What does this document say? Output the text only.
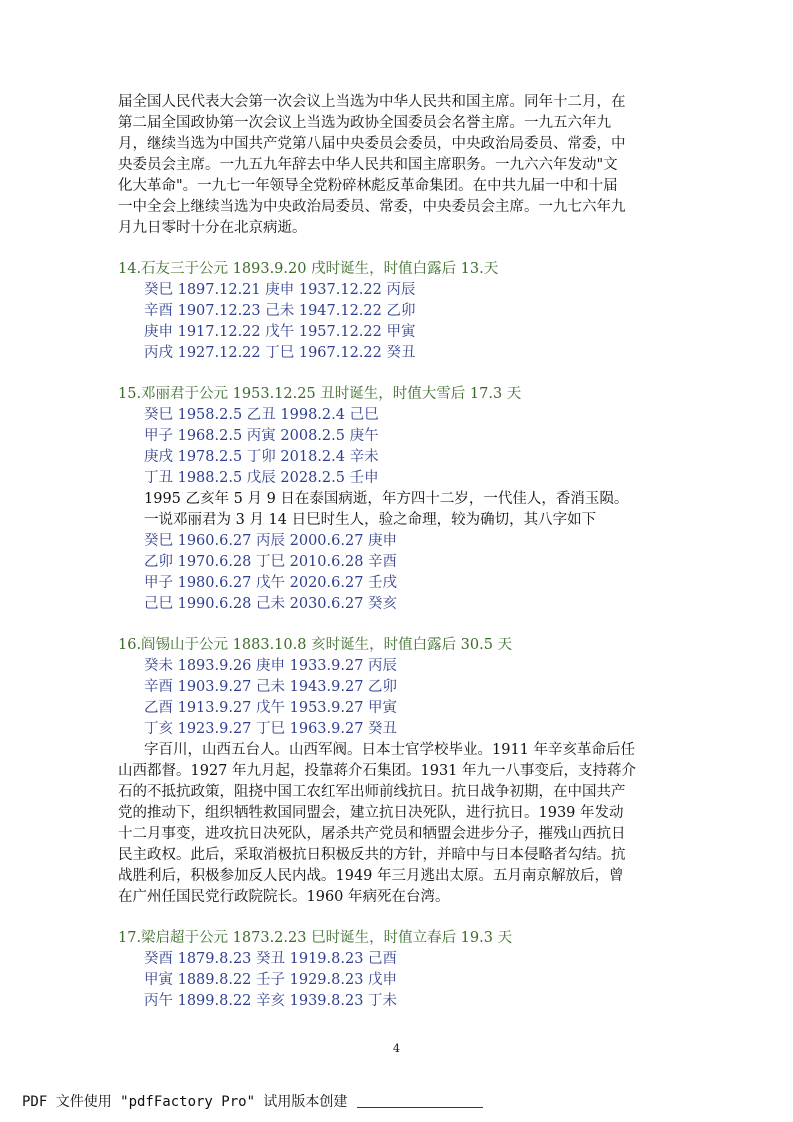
届全国人民代表大会第一次会议上当选为中华人民共和国主席。同年十二月，在
第二届全国政协第一次会议上当选为政协全国委员会名誉主席。一九五六年九
月，继续当选为中国共产党第八届中央委员会委员，中央政治局委员、常委，中
央委员会主席。一九五九年辞去中华人民共和国主席职务。一九六六年发动"文
化大革命"。一九七一年领导全党粉碎林彪反革命集团。在中共九届一中和十届
一中全会上继续当选为中央政治局委员、常委，中央委员会主席。一九七六年九
月九日零时十分在北京病逝。
14.石友三于公元 1893.9.20 戌时诞生，时值白露后 13.天
癸巳 1897.12.21 庚申 1937.12.22 丙辰
辛酉 1907.12.23 己未 1947.12.22 乙卯
庚申 1917.12.22 戊午 1957.12.22 甲寅
丙戌 1927.12.22 丁巳 1967.12.22 癸丑
15.邓丽君于公元 1953.12.25 丑时诞生，时值大雪后 17.3 天
癸巳 1958.2.5 乙丑 1998.2.4 己巳
甲子 1968.2.5 丙寅 2008.2.5 庚午
庚戌 1978.2.5 丁卯 2018.2.4 辛未
丁丑 1988.2.5 戊辰 2028.2.5 壬申
1995 乙亥年 5 月 9 日在泰国病逝，年方四十二岁，一代佳人，香消玉陨。
一说邓丽君为 3 月 14 日巳时生人，验之命理，较为确切，其八字如下
癸巳 1960.6.27 丙辰 2000.6.27 庚申
乙卯 1970.6.28 丁巳 2010.6.28 辛酉
甲子 1980.6.27 戊午 2020.6.27 壬戌
己巳 1990.6.28 己未 2030.6.27 癸亥
16.阎锡山于公元 1883.10.8 亥时诞生，时值白露后 30.5 天
癸未 1893.9.26 庚申 1933.9.27 丙辰
辛酉 1903.9.27 己未 1943.9.27 乙卯
乙酉 1913.9.27 戊午 1953.9.27 甲寅
丁亥 1923.9.27 丁巳 1963.9.27 癸丑
字百川，山西五台人。山西军阀。日本士官学校毕业。1911 年辛亥革命后任
山西都督。1927 年九月起，投靠蒋介石集团。1931 年九一八事变后，支持蒋介
石的不抵抗政策，阻挠中国工农红军出师前线抗日。抗日战争初期，在中国共产
党的推动下，组织牺牲救国同盟会，建立抗日决死队，进行抗日。1939 年发动
十二月事变，进攻抗日决死队，屠杀共产党员和牺盟会进步分子，摧残山西抗日
民主政权。此后，采取消极抗日积极反共的方针，并暗中与日本侵略者勾结。抗
战胜利后，积极参加反人民内战。1949 年三月逃出太原。五月南京解放后，曾
在广州任国民党行政院院长。1960 年病死在台湾。
17.梁启超于公元 1873.2.23 巳时诞生，时值立春后 19.3 天
癸酉 1879.8.23 癸丑 1919.8.23 己酉
甲寅 1889.8.22 壬子 1929.8.23 戊申
丙午 1899.8.22 辛亥 1939.8.23 丁未
4
PDF 文件使用 "pdfFactory Pro" 试用版本创建
